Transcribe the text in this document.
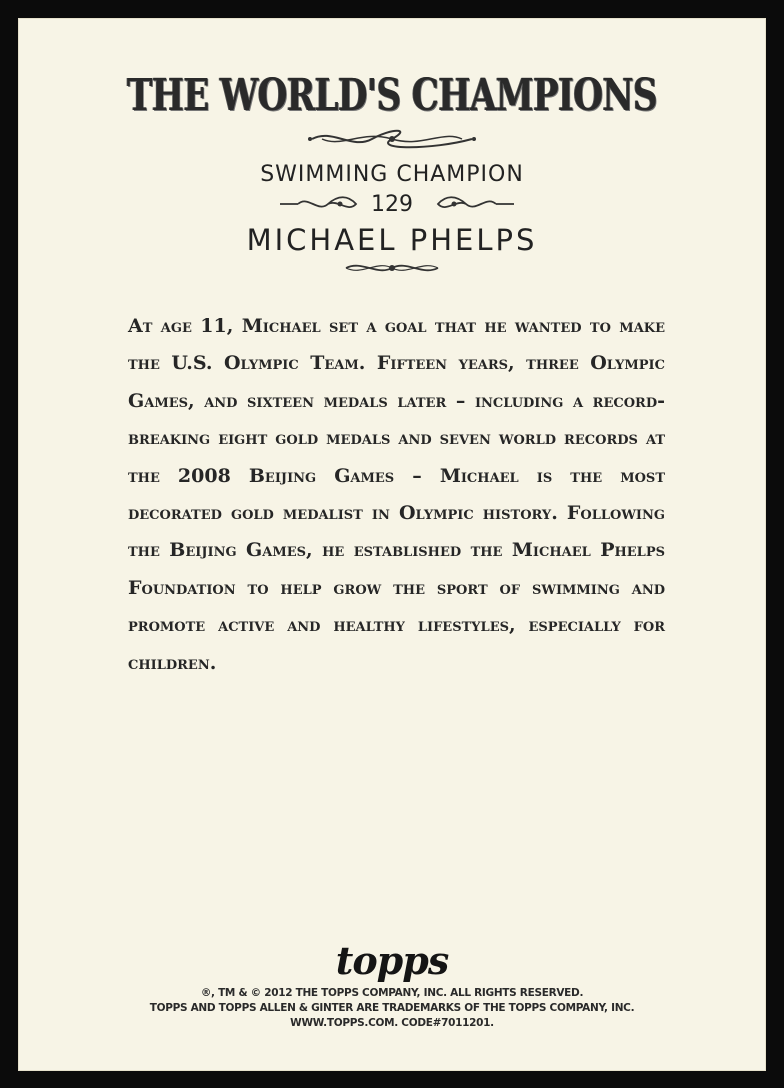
THE WORLD'S CHAMPIONS
SWIMMING CHAMPION
129
MICHAEL PHELPS
At age 11, Michael set a goal that he wanted to make the U.S. Olympic Team. Fifteen years, three Olympic Games, and sixteen medals later – including a record-breaking eight gold medals and seven world records at the 2008 Beijing Games – Michael is the most decorated gold medalist in Olympic history. Following the Beijing Games, he established the Michael Phelps Foundation to help grow the sport of swimming and promote active and healthy lifestyles, especially for children.
topps
®, TM & © 2012 THE TOPPS COMPANY, INC. ALL RIGHTS RESERVED.
TOPPS AND TOPPS ALLEN & GINTER ARE TRADEMARKS OF THE TOPPS COMPANY, INC.
WWW.TOPPS.COM. CODE#7011201.
